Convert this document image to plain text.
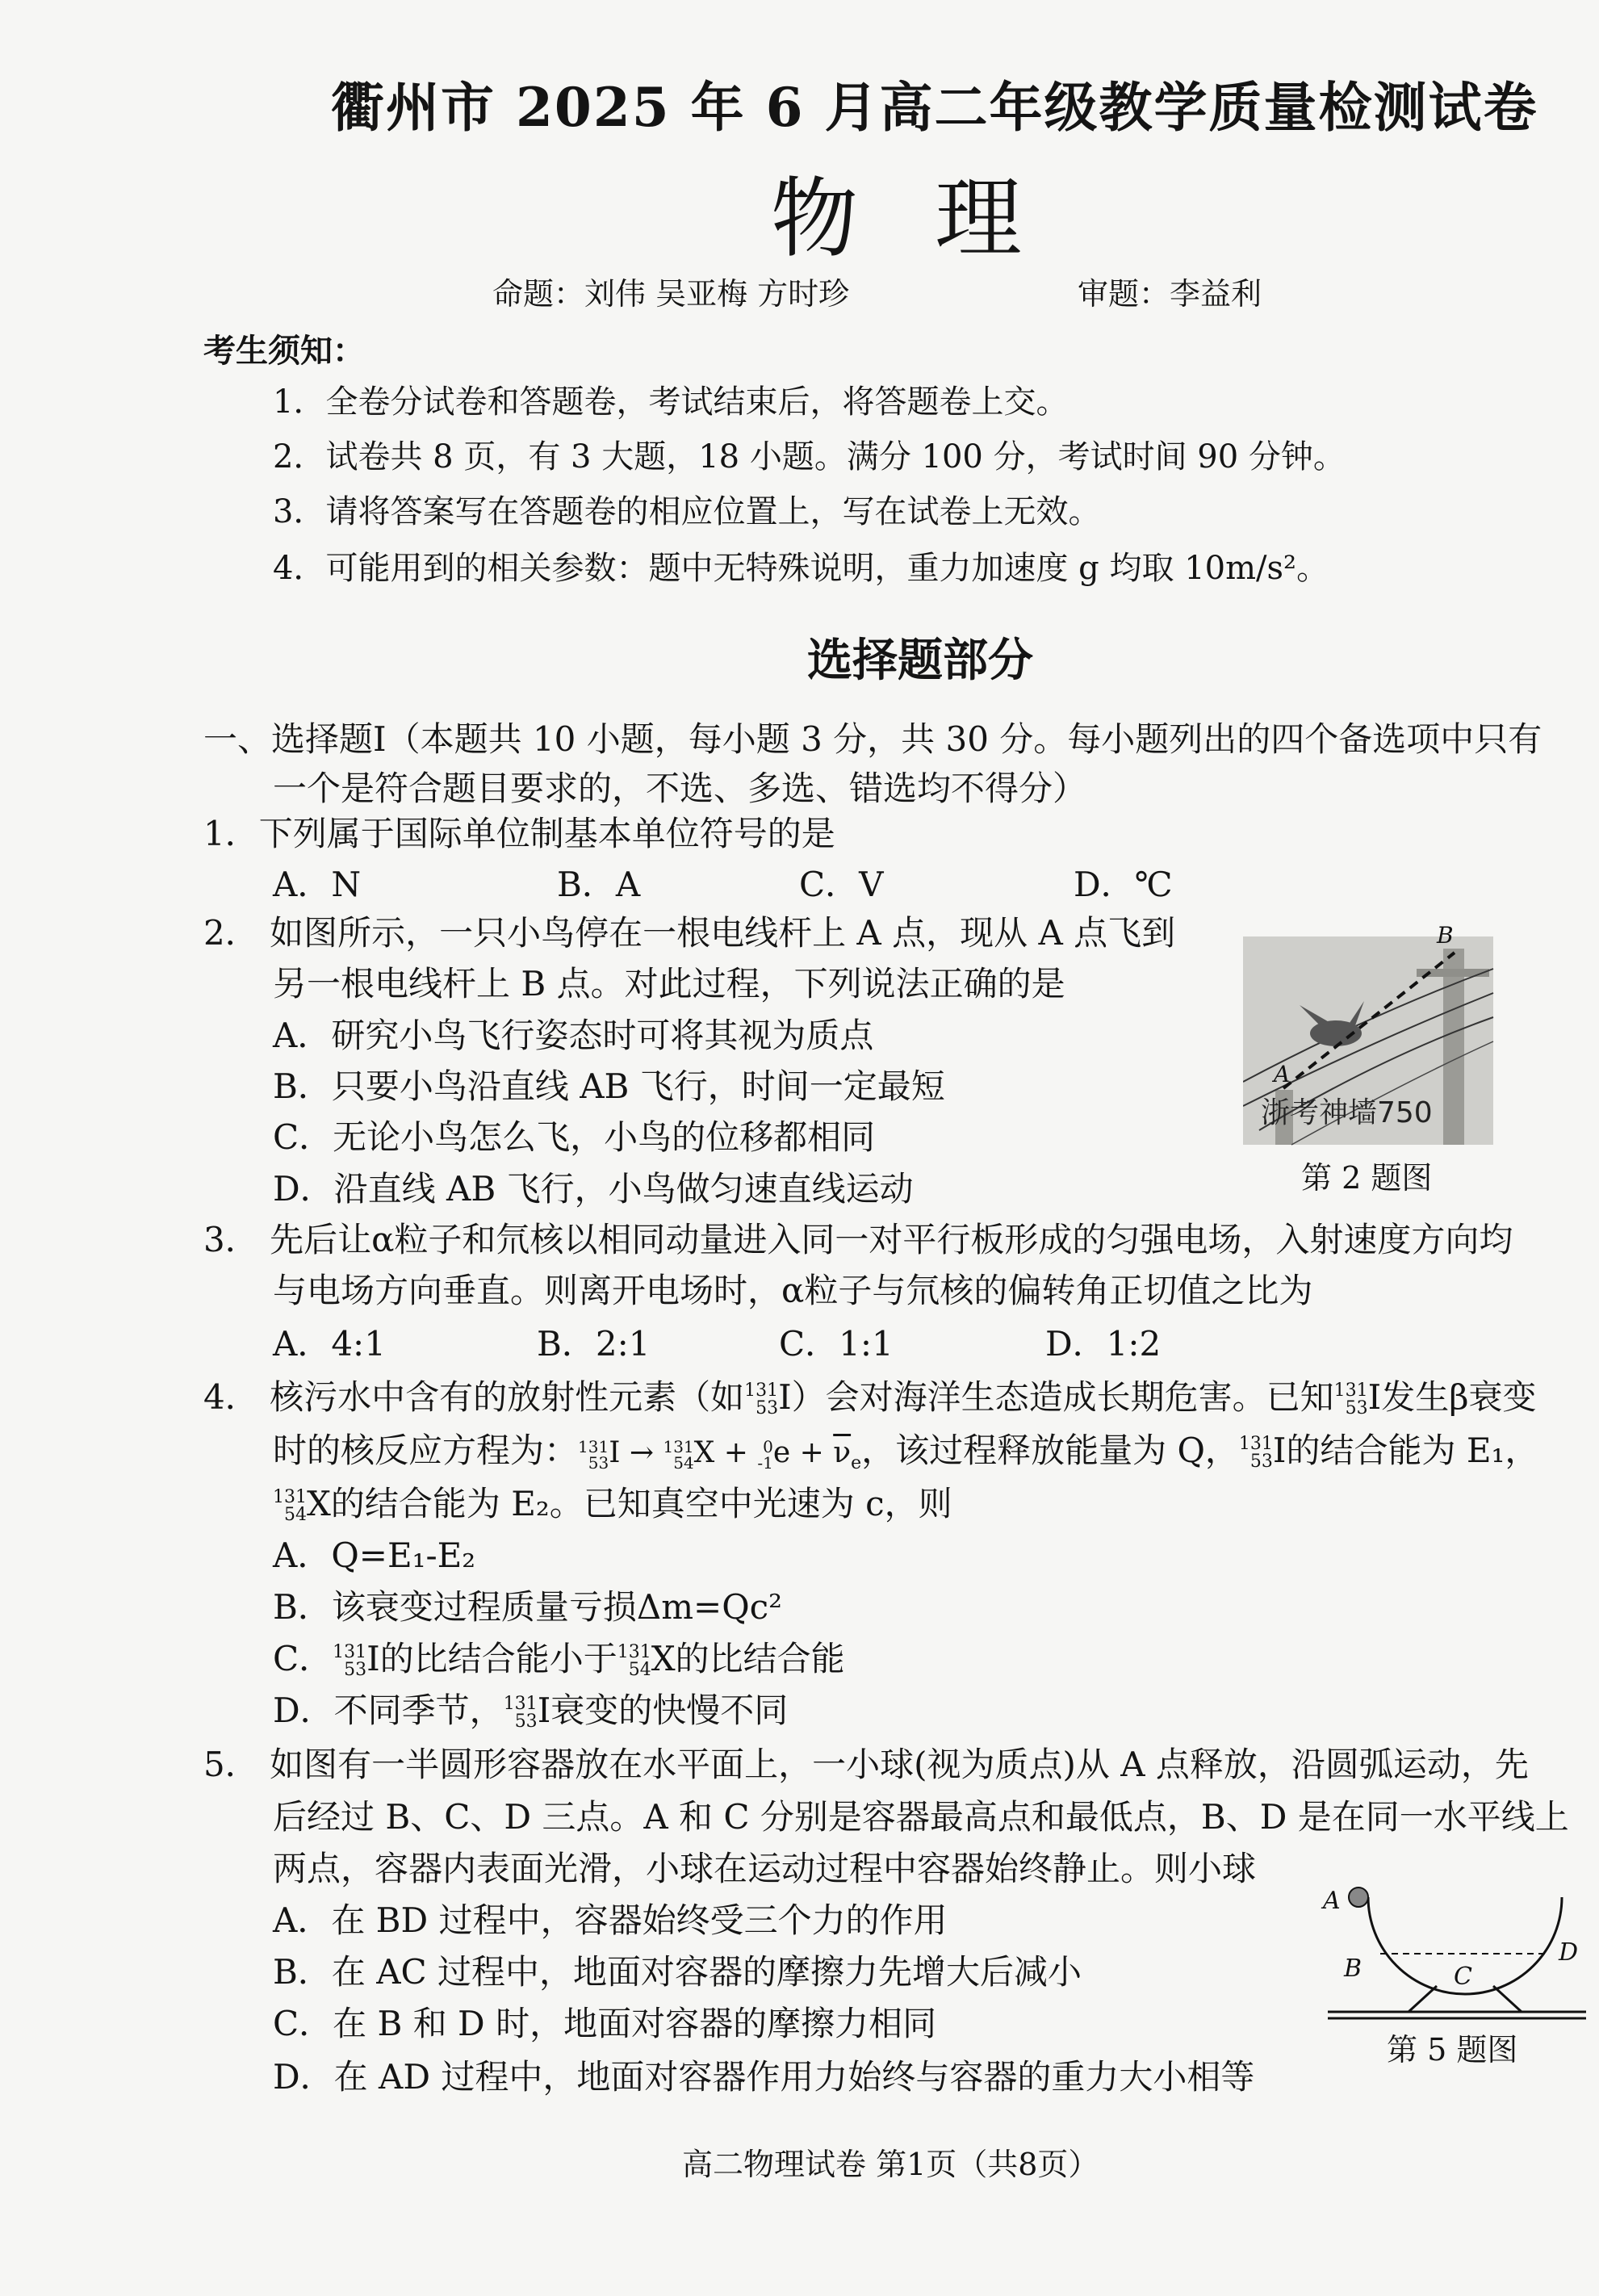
衢州市 2025 年 6 月高二年级教学质量检测试卷
物理
命题：刘伟 吴亚梅 方时珍	审题：李益利
考生须知：
1．全卷分试卷和答题卷，考试结束后，将答题卷上交。
2．试卷共 8 页，有 3 大题，18 小题。满分 100 分，考试时间 90 分钟。
3．请将答案写在答题卷的相应位置上，写在试卷上无效。
4．可能用到的相关参数：题中无特殊说明，重力加速度 g 均取 10m/s²。
选择题部分
一、选择题Ⅰ（本题共 10 小题，每小题 3 分，共 30 分。每小题列出的四个备选项中只有
一个是符合题目要求的，不选、多选、错选均不得分）
1．下列属于国际单位制基本单位符号的是
A．N	B．A	C．V	D．℃
2． 如图所示，一只小鸟停在一根电线杆上 A 点，现从 A 点飞到
另一根电线杆上 B 点。对此过程，下列说法正确的是
A．研究小鸟飞行姿态时可将其视为质点
B．只要小鸟沿直线 AB 飞行，时间一定最短
C．无论小鸟怎么飞，小鸟的位移都相同
D．沿直线 AB 飞行，小鸟做匀速直线运动
A
B
浙考神墙750
第 2 题图
3． 先后让α粒子和氘核以相同动量进入同一对平行板形成的匀强电场，入射速度方向均
与电场方向垂直。则离开电场时，α粒子与氘核的偏转角正切值之比为
A．4:1	B．2:1	C．1:1	D．1:2
4． 核污水中含有的放射性元素（如131
53I）会对海洋生态造成长期危害。已知131
53I发生β衰变
时的核反应方程为：131
53I → 131
54X + 0
$-1e + \overline{\nu}_e$，该过程释放能量为 Q，131
53I的结合能为 E₁，
131
54X的结合能为 E₂。已知真空中光速为 c，则
A．Q=E₁-E₂
B．该衰变过程质量亏损Δm=Qc²
C．131
53I的比结合能小于131
54X的比结合能
D．不同季节，131
53I衰变的快慢不同
5． 如图有一半圆形容器放在水平面上，一小球(视为质点)从 A 点释放，沿圆弧运动，先
后经过 B、C、D 三点。A 和 C 分别是容器最高点和最低点，B、D 是在同一水平线上
两点，容器内表面光滑，小球在运动过程中容器始终静止。则小球
A．在 BD 过程中，容器始终受三个力的作用
B．在 AC 过程中，地面对容器的摩擦力先增大后减小
C．在 B 和 D 时，地面对容器的摩擦力相同
D．在 AD 过程中，地面对容器作用力始终与容器的重力大小相等
A
B	C
D
第 5 题图
高二物理试卷 第1页（共8页）
